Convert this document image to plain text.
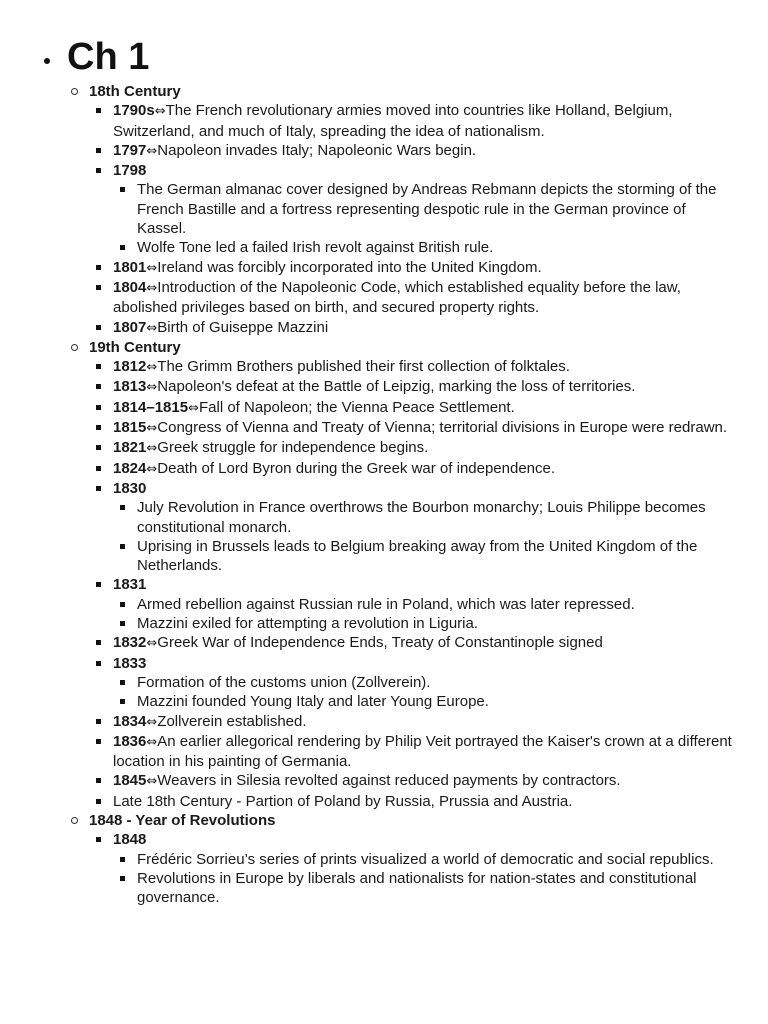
Ch 1
18th Century
1790s⇔The French revolutionary armies moved into countries like Holland, Belgium, Switzerland, and much of Italy, spreading the idea of nationalism.
1797⇔Napoleon invades Italy; Napoleonic Wars begin.
1798
The German almanac cover designed by Andreas Rebmann depicts the storming of the French Bastille and a fortress representing despotic rule in the German province of Kassel.
Wolfe Tone led a failed Irish revolt against British rule.
1801⇔Ireland was forcibly incorporated into the United Kingdom.
1804⇔Introduction of the Napoleonic Code, which established equality before the law, abolished privileges based on birth, and secured property rights.
1807⇔Birth of Guiseppe Mazzini
19th Century
1812⇔The Grimm Brothers published their first collection of folktales.
1813⇔Napoleon's defeat at the Battle of Leipzig, marking the loss of territories.
1814–1815⇔Fall of Napoleon; the Vienna Peace Settlement.
1815⇔Congress of Vienna and Treaty of Vienna; territorial divisions in Europe were redrawn.
1821⇔Greek struggle for independence begins.
1824⇔Death of Lord Byron during the Greek war of independence.
1830
July Revolution in France overthrows the Bourbon monarchy; Louis Philippe becomes constitutional monarch.
Uprising in Brussels leads to Belgium breaking away from the United Kingdom of the Netherlands.
1831
Armed rebellion against Russian rule in Poland, which was later repressed.
Mazzini exiled for attempting a revolution in Liguria.
1832⇔Greek War of Independence Ends, Treaty of Constantinople signed
1833
Formation of the customs union (Zollverein).
Mazzini founded Young Italy and later Young Europe.
1834⇔Zollverein established.
1836⇔An earlier allegorical rendering by Philip Veit portrayed the Kaiser's crown at a different location in his painting of Germania.
1845⇔Weavers in Silesia revolted against reduced payments by contractors.
Late 18th Century - Partion of Poland by Russia, Prussia and Austria.
1848 - Year of Revolutions
1848
Frédéric Sorrieu’s series of prints visualized a world of democratic and social republics.
Revolutions in Europe by liberals and nationalists for nation-states and constitutional governance.
